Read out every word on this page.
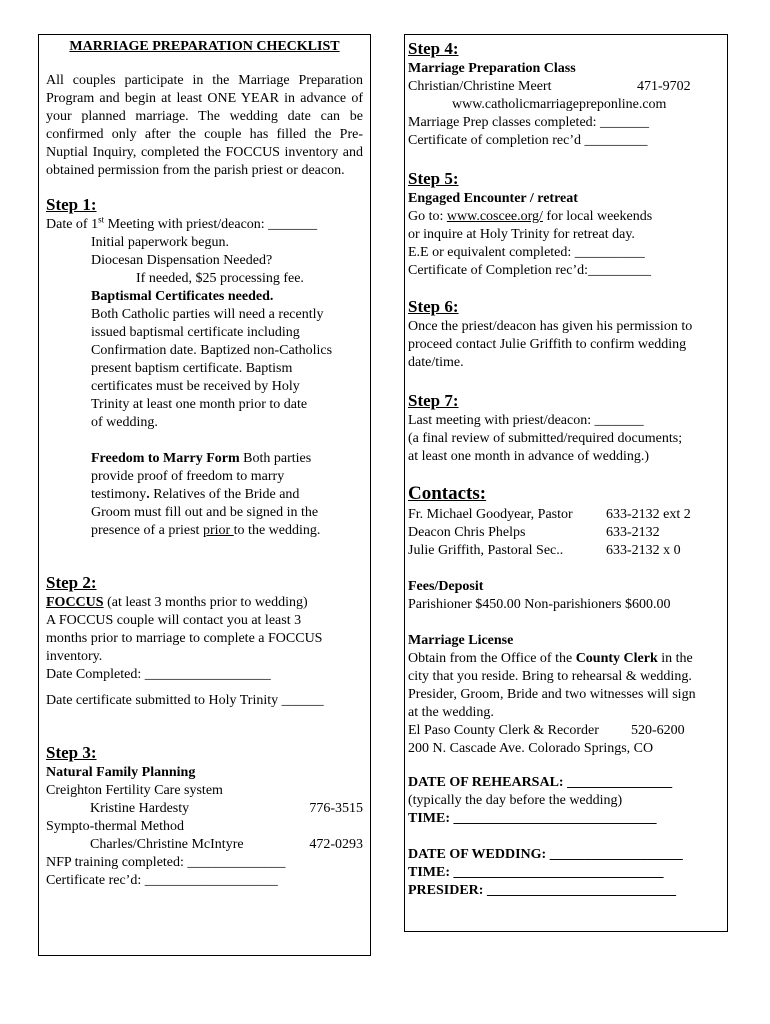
MARRIAGE PREPARATION CHECKLIST
All couples participate in the Marriage Preparation Program and begin at least ONE YEAR in advance of your planned marriage. The wedding date can be confirmed only after the couple has filled the Pre-Nuptial Inquiry, completed the FOCCUS inventory and obtained permission from the parish priest or deacon.
Step 1:
Date of 1st Meeting with priest/deacon: _______
Initial paperwork begun.
Diocesan Dispensation Needed?
If needed, $25 processing fee.
Baptismal Certificates needed.
Both Catholic parties will need a recently
issued baptismal certificate including
Confirmation date. Baptized non-Catholics
present baptism certificate. Baptism
certificates must be received by Holy
Trinity at least one month prior to date
of wedding.
Freedom to Marry Form Both parties
provide proof of freedom to marry
testimony. Relatives of the Bride and
Groom must fill out and be signed in the
presence of a priest prior to the wedding.
Step 2:
FOCCUS (at least 3 months prior to wedding)
A FOCCUS couple will contact you at least 3
months prior to marriage to complete a FOCCUS
inventory.
Date Completed: __________________
Date certificate submitted to Holy Trinity ______
Step 3:
Natural Family Planning
Creighton Fertility Care system
Kristine Hardesty	776-3515
Sympto-thermal Method
Charles/Christine McIntyre	472-0293
NFP training completed: ______________
Certificate rec’d: ___________________
Step 4:
Marriage Preparation Class
Christian/Christine Meert	471-9702
www.catholicmarriagepreponline.com
Marriage Prep classes completed: _______
Certificate of completion rec’d _________
Step 5:
Engaged Encounter / retreat
Go to: www.coscee.org/ for local weekends
or inquire at Holy Trinity for retreat day.
E.E or equivalent completed: __________
Certificate of Completion rec’d:_________
Step 6:
Once the priest/deacon has given his permission to
proceed contact Julie Griffith to confirm wedding
date/time.
Step 7:
Last meeting with priest/deacon: _______
(a final review of submitted/required documents;
at least one month in advance of wedding.)
Contacts:
Fr. Michael Goodyear, Pastor	633-2132 ext 2
Deacon Chris Phelps	633-2132
Julie Griffith, Pastoral Sec..	633-2132 x 0
Fees/Deposit
Parishioner $450.00 Non-parishioners $600.00
Marriage License
Obtain from the Office of the County Clerk in the
city that you reside. Bring to rehearsal & wedding.
Presider, Groom, Bride and two witnesses will sign
at the wedding.
El Paso County Clerk & Recorder	520-6200
200 N. Cascade Ave. Colorado Springs, CO
DATE OF REHEARSAL: _______________
(typically the day before the wedding)
TIME: _____________________________
DATE OF WEDDING: ___________________
TIME: ______________________________
PRESIDER: ___________________________
